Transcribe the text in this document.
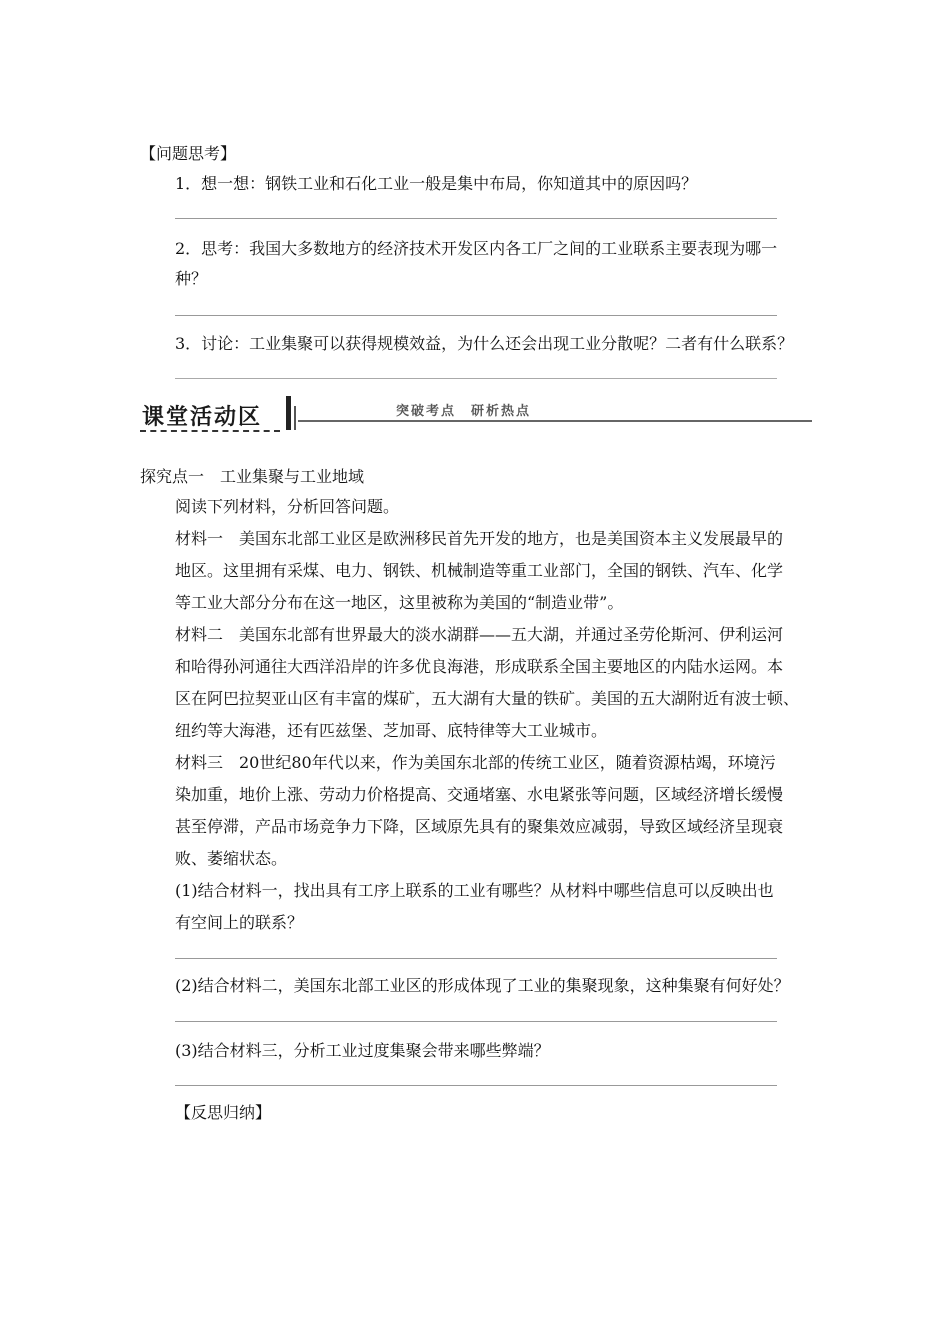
【问题思考】
1．想一想：钢铁工业和石化工业一般是集中布局，你知道其中的原因吗？
2．思考：我国大多数地方的经济技术开发区内各工厂之间的工业联系主要表现为哪一
种？
3．讨论：工业集聚可以获得规模效益，为什么还会出现工业分散呢？二者有什么联系？
课堂活动区	突破考点　研析热点
探究点一　工业集聚与工业地域
阅读下列材料，分析回答问题。
材料一　美国东北部工业区是欧洲移民首先开发的地方，也是美国资本主义发展最早的
地区。这里拥有采煤、电力、钢铁、机械制造等重工业部门，全国的钢铁、汽车、化学
等工业大部分分布在这一地区，这里被称为美国的“制造业带”。
材料二　美国东北部有世界最大的淡水湖群——五大湖，并通过圣劳伦斯河、伊利运河
和哈得孙河通往大西洋沿岸的许多优良海港，形成联系全国主要地区的内陆水运网。本
区在阿巴拉契亚山区有丰富的煤矿，五大湖有大量的铁矿。美国的五大湖附近有波士顿、
纽约等大海港，还有匹兹堡、芝加哥、底特律等大工业城市。
材料三　20世纪80年代以来，作为美国东北部的传统工业区，随着资源枯竭，环境污
染加重，地价上涨、劳动力价格提高、交通堵塞、水电紧张等问题，区域经济增长缓慢
甚至停滞，产品市场竞争力下降，区域原先具有的聚集效应减弱，导致区域经济呈现衰
败、萎缩状态。
(1)结合材料一，找出具有工序上联系的工业有哪些？从材料中哪些信息可以反映出也
有空间上的联系？
(2)结合材料二，美国东北部工业区的形成体现了工业的集聚现象，这种集聚有何好处？
(3)结合材料三，分析工业过度集聚会带来哪些弊端？
【反思归纳】
